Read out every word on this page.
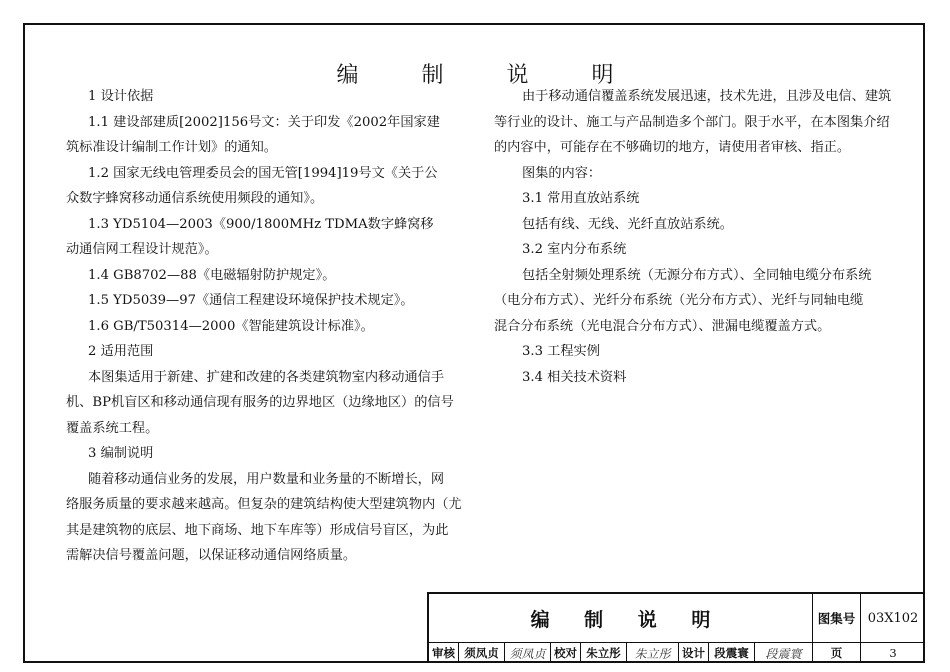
编 制 说 明

1 设计依据

1.1 建设部建质[2002]156号文：关于印发《2002年国家建

筑标准设计编制工作计划》的通知。

1.2 国家无线电管理委员会的国无管[1994]19号文《关于公

众数字蜂窝移动通信系统使用频段的通知》。

1.3 YD5104—2003《900/1800MHz TDMA数字蜂窝移

动通信网工程设计规范》。

1.4 GB8702—88《电磁辐射防护规定》。

1.5 YD5039—97《通信工程建设环境保护技术规定》。

1.6 GB/T50314—2000《智能建筑设计标准》。

2 适用范围

本图集适用于新建、扩建和改建的各类建筑物室内移动通信手

机、BP机盲区和移动通信现有服务的边界地区（边缘地区）的信号

覆盖系统工程。

3 编制说明

随着移动通信业务的发展，用户数量和业务量的不断增长，网

络服务质量的要求越来越高。但复杂的建筑结构使大型建筑物内（尤

其是建筑物的底层、地下商场、地下车库等）形成信号盲区，为此

需解决信号覆盖问题，以保证移动通信网络质量。

由于移动通信覆盖系统发展迅速，技术先进，且涉及电信、建筑

等行业的设计、施工与产品制造多个部门。限于水平，在本图集介绍

的内容中，可能存在不够确切的地方，请使用者审核、指正。

图集的内容：

3.1 常用直放站系统

包括有线、无线、光纤直放站系统。

3.2 室内分布系统

包括全射频处理系统（无源分布方式）、全同轴电缆分布系统

（电分布方式）、光纤分布系统（光分布方式）、光纤与同轴电缆

混合分布系统（光电混合分布方式）、泄漏电缆覆盖方式。

3.3 工程实例

3.4 相关技术资料

编 制 说 明	图集号 03X102
审核 须凤贞 须凤贞 校对 朱立彤	朱立彤	设计 段震寰	段震寰	页	3
